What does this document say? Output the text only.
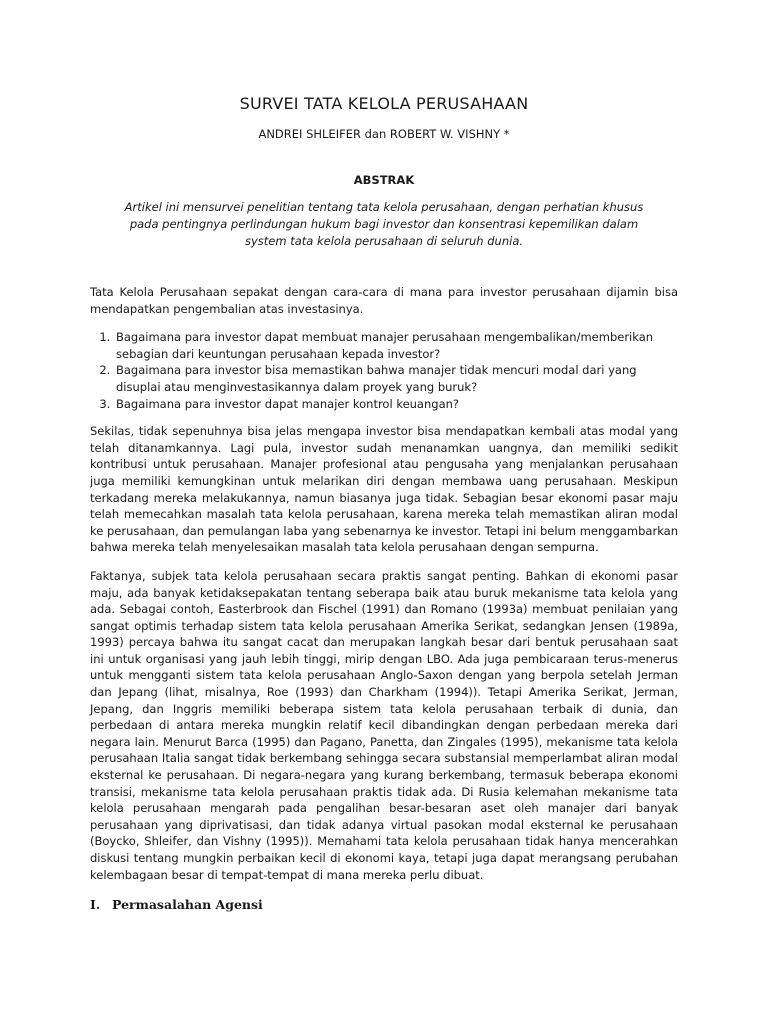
SURVEI TATA KELOLA PERUSAHAAN
ANDREI SHLEIFER dan ROBERT W. VISHNY *
ABSTRAK
Artikel ini mensurvei penelitian tentang tata kelola perusahaan, dengan perhatian khusus pada pentingnya perlindungan hukum bagi investor dan konsentrasi kepemilikan dalam system tata kelola perusahaan di seluruh dunia.

Tata Kelola Perusahaan sepakat dengan cara-cara di mana para investor perusahaan dijamin bisa mendapatkan pengembalian atas investasinya.

1. Bagaimana para investor dapat membuat manajer perusahaan mengembalikan/memberikan sebagian dari keuntungan perusahaan kepada investor?
2. Bagaimana para investor bisa memastikan bahwa manajer tidak mencuri modal dari yang disuplai atau menginvestasikannya dalam proyek yang buruk?
3. Bagaimana para investor dapat manajer kontrol keuangan?

Sekilas, tidak sepenuhnya bisa jelas mengapa investor bisa mendapatkan kembali atas modal yang telah ditanamkannya. Lagi pula, investor sudah menanamkan uangnya, dan memiliki sedikit kontribusi untuk perusahaan. Manajer profesional atau pengusaha yang menjalankan perusahaan juga memiliki kemungkinan untuk melarikan diri dengan membawa uang perusahaan. Meskipun terkadang mereka melakukannya, namun biasanya juga tidak. Sebagian besar ekonomi pasar maju telah memecahkan masalah tata kelola perusahaan, karena mereka telah memastikan aliran modal ke perusahaan, dan pemulangan laba yang sebenarnya ke investor. Tetapi ini belum menggambarkan bahwa mereka telah menyelesaikan masalah tata kelola perusahaan dengan sempurna.

Faktanya, subjek tata kelola perusahaan secara praktis sangat penting. Bahkan di ekonomi pasar maju, ada banyak ketidaksepakatan tentang seberapa baik atau buruk mekanisme tata kelola yang ada. Sebagai contoh, Easterbrook dan Fischel (1991) dan Romano (1993a) membuat penilaian yang sangat optimis terhadap sistem tata kelola perusahaan Amerika Serikat, sedangkan Jensen (1989a, 1993) percaya bahwa itu sangat cacat dan merupakan langkah besar dari bentuk perusahaan saat ini untuk organisasi yang jauh lebih tinggi, mirip dengan LBO. Ada juga pembicaraan terus-menerus untuk mengganti sistem tata kelola perusahaan Anglo-Saxon dengan yang berpola setelah Jerman dan Jepang (lihat, misalnya, Roe (1993) dan Charkham (1994)). Tetapi Amerika Serikat, Jerman, Jepang, dan Inggris memiliki beberapa sistem tata kelola perusahaan terbaik di dunia, dan perbedaan di antara mereka mungkin relatif kecil dibandingkan dengan perbedaan mereka dari negara lain. Menurut Barca (1995) dan Pagano, Panetta, dan Zingales (1995), mekanisme tata kelola perusahaan Italia sangat tidak berkembang sehingga secara substansial memperlambat aliran modal eksternal ke perusahaan. Di negara-negara yang kurang berkembang, termasuk beberapa ekonomi transisi, mekanisme tata kelola perusahaan praktis tidak ada. Di Rusia kelemahan mekanisme tata kelola perusahaan mengarah pada pengalihan besar-besaran aset oleh manajer dari banyak perusahaan yang diprivatisasi, dan tidak adanya virtual pasokan modal eksternal ke perusahaan (Boycko, Shleifer, dan Vishny (1995)). Memahami tata kelola perusahaan tidak hanya mencerahkan diskusi tentang mungkin perbaikan kecil di ekonomi kaya, tetapi juga dapat merangsang perubahan kelembagaan besar di tempat-tempat di mana mereka perlu dibuat.

I. Permasalahan Agensi
